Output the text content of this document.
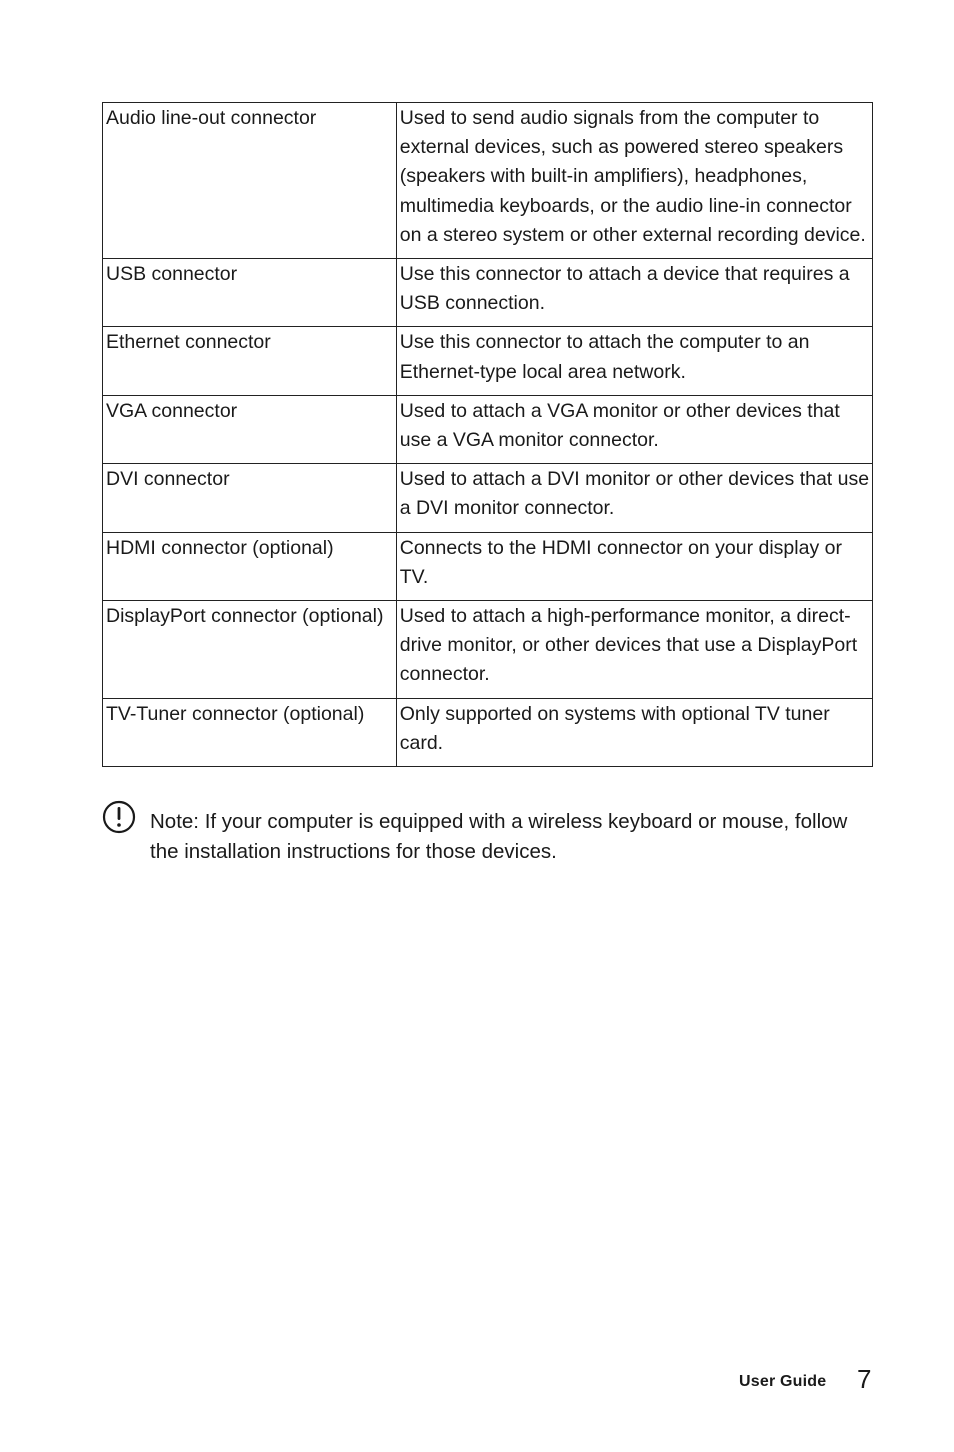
Audio line-out connector	Used to send audio signals from the computer to external devices, such as powered stereo speakers (speakers with built-in amplifiers), headphones, multimedia keyboards, or the audio line-in connector on a stereo system or other external recording device.
USB connector	Use this connector to attach a device that requires a USB connection.
Ethernet connector	Use this connector to attach the computer to an Ethernet-type local area network.
VGA connector	Used to attach a VGA monitor or other devices that use a VGA monitor connector.
DVI connector	Used to attach a DVI monitor or other devices that use a DVI monitor connector.
HDMI connector (optional)	Connects to the HDMI connector on your display or TV.
DisplayPort connector (optional)	Used to attach a high-performance monitor, a direct-drive monitor, or other devices that use a DisplayPort connector.
TV-Tuner connector (optional)	Only supported on systems with optional TV tuner card.
Note: If your computer is equipped with a wireless keyboard or mouse, follow the installation instructions for those devices.
User Guide 7
